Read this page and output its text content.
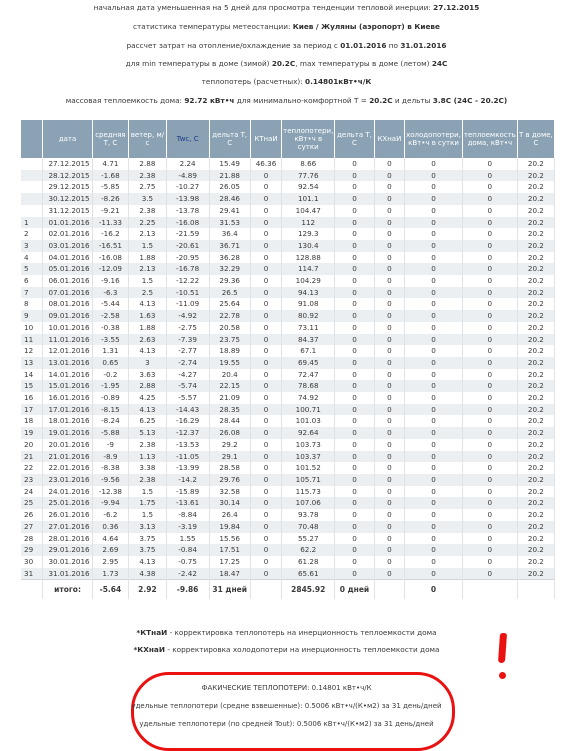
начальная дата уменьшенная на 5 дней для просмотра тенденции тепловой инерции: 27.12.2015
статистика температуры метеостанции: Киев / Жуляны (аэропорт) в Киеве
рассчет затрат на отопление/охлаждение за период с 01.01.2016 по 31.01.2016
для min температуры в доме (зимой) 20.2С, max температуры в доме (летом) 24С
теплопотерь (расчетных): 0.14801кВт•ч/К
массовая теплоемкость дома: 92.72 кВт•ч для минимально-комфортной Т = 20.2С и дельты 3.8С (24С - 20.2С)
	дата	средняя Т, С	ветер, м/с	Twc, С	дельта Т, С	КТнаИ	теплопотери, кВт•ч в сутки	дельта Т, С	КХнаИ	холодопотери, кВт•ч в сутки	теплоемкость дома, кВт•ч	Т в доме, С
	27.12.2015	4.71	2.88	2.24	15.49	46.36	8.66	0	0	0	0	20.2
	28.12.2015	-1.68	2.38	-4.89	21.88	0	77.76	0	0	0	0	20.2
	29.12.2015	-5.85	2.75	-10.27	26.05	0	92.54	0	0	0	0	20.2
	30.12.2015	-8.26	3.5	-13.98	28.46	0	101.1	0	0	0	0	20.2
	31.12.2015	-9.21	2.38	-13.78	29.41	0	104.47	0	0	0	0	20.2
1	01.01.2016	-11.33	2.25	-16.08	31.53	0	112	0	0	0	0	20.2
2	02.01.2016	-16.2	2.13	-21.59	36.4	0	129.3	0	0	0	0	20.2
3	03.01.2016	-16.51	1.5	-20.61	36.71	0	130.4	0	0	0	0	20.2
4	04.01.2016	-16.08	1.88	-20.95	36.28	0	128.88	0	0	0	0	20.2
5	05.01.2016	-12.09	2.13	-16.78	32.29	0	114.7	0	0	0	0	20.2
6	06.01.2016	-9.16	1.5	-12.22	29.36	0	104.29	0	0	0	0	20.2
7	07.01.2016	-6.3	2.5	-10.51	26.5	0	94.13	0	0	0	0	20.2
8	08.01.2016	-5.44	4.13	-11.09	25.64	0	91.08	0	0	0	0	20.2
9	09.01.2016	-2.58	1.63	-4.92	22.78	0	80.92	0	0	0	0	20.2
10	10.01.2016	-0.38	1.88	-2.75	20.58	0	73.11	0	0	0	0	20.2
11	11.01.2016	-3.55	2.63	-7.39	23.75	0	84.37	0	0	0	0	20.2
12	12.01.2016	1.31	4.13	-2.77	18.89	0	67.1	0	0	0	0	20.2
13	13.01.2016	0.65	3	-2.74	19.55	0	69.45	0	0	0	0	20.2
14	14.01.2016	-0.2	3.63	-4.27	20.4	0	72.47	0	0	0	0	20.2
15	15.01.2016	-1.95	2.88	-5.74	22.15	0	78.68	0	0	0	0	20.2
16	16.01.2016	-0.89	4.25	-5.57	21.09	0	74.92	0	0	0	0	20.2
17	17.01.2016	-8.15	4.13	-14.43	28.35	0	100.71	0	0	0	0	20.2
18	18.01.2016	-8.24	6.25	-16.29	28.44	0	101.03	0	0	0	0	20.2
19	19.01.2016	-5.88	5.13	-12.37	26.08	0	92.64	0	0	0	0	20.2
20	20.01.2016	-9	2.38	-13.53	29.2	0	103.73	0	0	0	0	20.2
21	21.01.2016	-8.9	1.13	-11.05	29.1	0	103.37	0	0	0	0	20.2
22	22.01.2016	-8.38	3.38	-13.99	28.58	0	101.52	0	0	0	0	20.2
23	23.01.2016	-9.56	2.38	-14.2	29.76	0	105.71	0	0	0	0	20.2
24	24.01.2016	-12.38	1.5	-15.89	32.58	0	115.73	0	0	0	0	20.2
25	25.01.2016	-9.94	1.75	-13.61	30.14	0	107.06	0	0	0	0	20.2
26	26.01.2016	-6.2	1.5	-8.84	26.4	0	93.78	0	0	0	0	20.2
27	27.01.2016	0.36	3.13	-3.19	19.84	0	70.48	0	0	0	0	20.2
28	28.01.2016	4.64	3.75	1.55	15.56	0	55.27	0	0	0	0	20.2
29	29.01.2016	2.69	3.75	-0.84	17.51	0	62.2	0	0	0	0	20.2
30	30.01.2016	2.95	4.13	-0.75	17.25	0	61.28	0	0	0	0	20.2
31	31.01.2016	1.73	4.38	-2.42	18.47	0	65.61	0	0	0	0	20.2
	итого:	-5.64	2.92	-9.86	31 дней		2845.92	0 дней		0		
*КТнаИ - корректировка теплопотерь на инерционность теплоемкости дома
*КХнаИ - корректировка холодопотери на инерционность теплоемкости дома
ФАКИЧЕСКИЕ ТЕПЛОПОТЕРИ: 0.14801 кВт•ч/К
удельные теплопотери (средне взвешенные): 0.5006 кВт•ч/(К•м2) за 31 день/дней
удельные теплопотери (по средней Tout): 0.5006 кВт•ч/(К•м2) за 31 день/дней
